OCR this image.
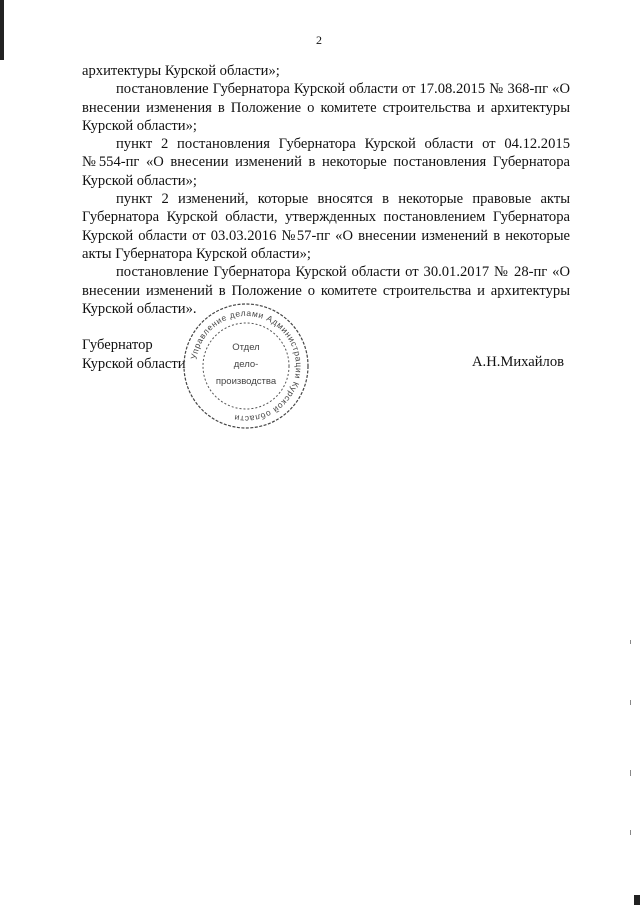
2

архитектуры Курской области»;

постановление Губернатора Курской области от 17.08.2015 № 368-пг «О внесении изменения в Положение о комитете строительства и архитектуры Курской области»;

пункт 2 постановления Губернатора Курской области от 04.12.2015 №554-пг «О внесении изменений в некоторые постановления Губернатора Курской области»;

пункт 2 изменений, которые вносятся в некоторые правовые акты Губернатора Курской области, утвержденных постановлением Губернатора Курской области от 03.03.2016 №57-пг «О внесении изменений в некоторые акты Губернатора Курской области»;

постановление Губернатора Курской области от 30.01.2017 № 28-пг «О внесении изменений в Положение о комитете строительства и архитектуры Курской области».

Губернатор
Курской области Управление делами Администрации Курской области
Отдел
дело-
производства
А.Н.Михайлов
